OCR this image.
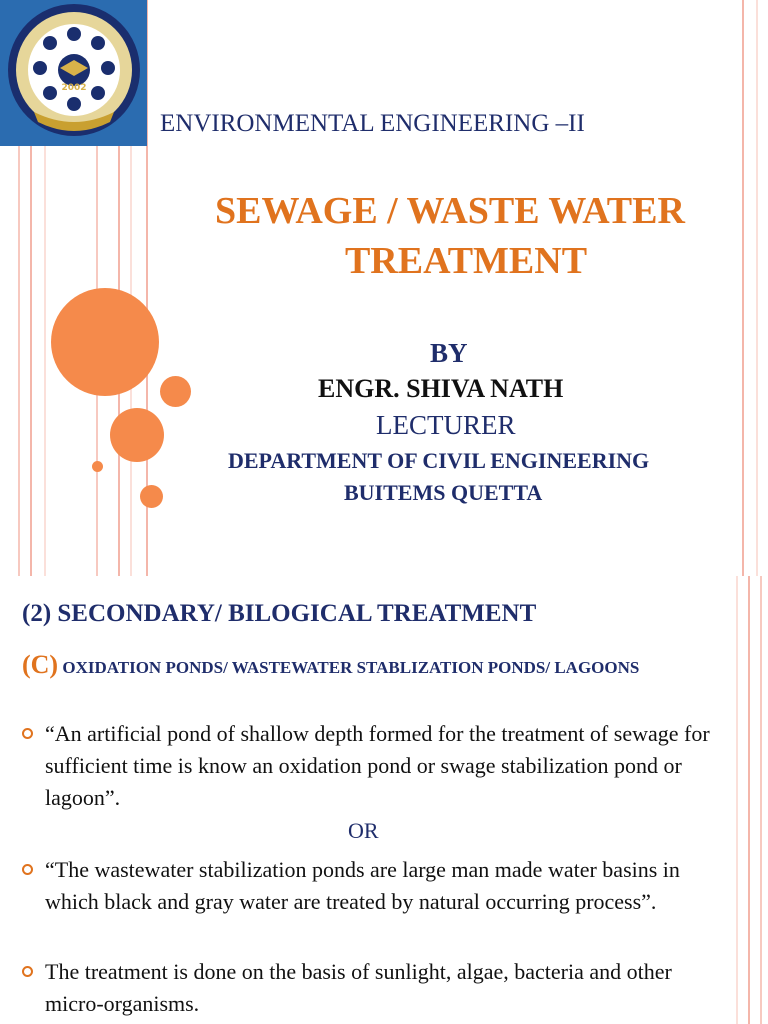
2002
ENVIRONMENTAL ENGINEERING –II
SEWAGE / WASTE WATER
TREATMENT
BY
ENGR. SHIVA NATH
LECTURER
DEPARTMENT OF CIVIL ENGINEERING
BUITEMS QUETTA
(2) SECONDARY/ BILOGICAL TREATMENT
(C) OXIDATION PONDS/ WASTEWATER STABLIZATION PONDS/ LAGOONS
“An artificial pond of shallow depth formed for the treatment of sewage for sufficient time is know an oxidation pond or swage stabilization pond or lagoon”.
OR
“The wastewater stabilization ponds are large man made water basins in which black and gray water are treated by natural occurring process”.
The treatment is done on the basis of sunlight, algae, bacteria and other micro-organisms.
